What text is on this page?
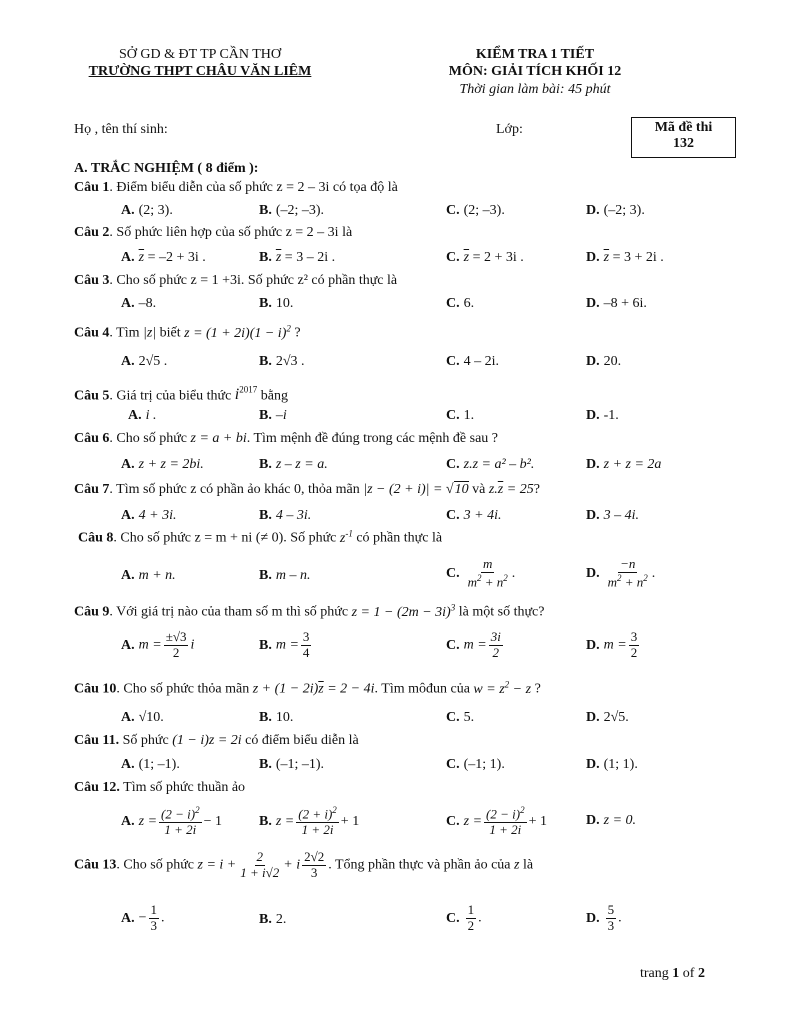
SỞ GD & ĐT TP CẦN THƠ
TRƯỜNG THPT CHÂU VĂN LIÊM
KIỂM TRA 1 TIẾT
MÔN: GIẢI TÍCH KHỐI 12
Thời gian làm bài: 45 phút
Họ , tên thí sinh:	Lớp:	Mã đề thi
132
A. TRẮC NGHIỆM ( 8 điểm ):
Câu 1. Điểm biểu diễn của số phức z = 2 – 3i có tọa độ là
A. (2; 3).	B. (–2; –3).	C. (2; –3).	D. (–2; 3).
Câu 2. Số phức liên hợp của số phức z = 2 – 3i là
A. $\overline{z} = -2 + 3i$ .	B. $\overline{z} = 3 - 2i$ .	C. $\overline{z} = 2 + 3i$ .	D. $\overline{z} = 3 + 2i$ .
Câu 3. Cho số phức z = 1 +3i. Số phức z² có phần thực là
A. –8.	B. 10.	C. 6.	D. –8 + 6i.
Câu 4. Tìm |z| biết $z = (1 + 2i)(1 - i)^2$ ?
A. 2√5 .	B. 2√3 .	C. 4 – 2i.	D. 20.
Câu 5. Giá trị của biểu thức $i^{2017}$ bằng
A. i .	B. –i	C. 1.	D. -1.
Câu 6. Cho số phức z = a + bi. Tìm mệnh đề đúng trong các mệnh đề sau ?
A. z + z = 2bi.	B. z – z = a.	C. z.z = a² – b².	D. z + z = 2a
Câu 7. Tìm số phức z có phần ảo khác 0, thỏa mãn |z − (2 + i)| = √10 và $z.\overline{z} = 25$?
A. 4 + 3i.	B. 4 – 3i.	C. 3 + 4i.	D. 3 – 4i.
Câu 8. Cho số phức z = m + ni (≠ 0). Số phức $z^{-1}$ có phần thực là
A. m + n.	B. m – n.	C. $\frac{m}{m^2 + n^2}$ .	D. $\frac{-n}{m^2 + n^2}$ .
Câu 9. Với giá trị nào của tham số m thì số phức $z = 1 - (2m - 3i)^3$ là một số thực?
A. $m = \frac{\pm√3}{2}$ i	B. $m = \frac{3}{4}$	C. $m = \frac{3i}{2}$	D. $m = \frac{3}{2}$
Câu 10. Cho số phức thỏa mãn $z + (1 - 2i)\overline{z} = 2 - 4i$. Tìm môđun của $w = z^2 - z$ ?
A. √10.	B. 10.	C. 5.	D. 2√5.
Câu 11. Số phức (1 − i)z = 2i có điểm biểu diễn là
A. (1; –1).	B. (–1; –1).	C. (–1; 1).	D. (1; 1).
Câu 12. Tìm số phức thuần ảo
A. $z = \frac{(2 - i)^2}{1 + 2i} - 1$	B. $z = \frac{(2 + i)^2}{1 + 2i} + 1$	C. $z = \frac{(2 - i)^2}{1 + 2i} + 1$	D. z = 0.
Câu 13. Cho số phức $z = i + \frac{2}{1 + i√2} + i \frac{2√2}{3}$ . Tổng phần thực và phần ảo của z là
A. − $\frac{1}{3}$ .	B. 2.	C. $\frac{1}{2}$ .	D. $\frac{5}{3}$ .
trang 1 of 2
